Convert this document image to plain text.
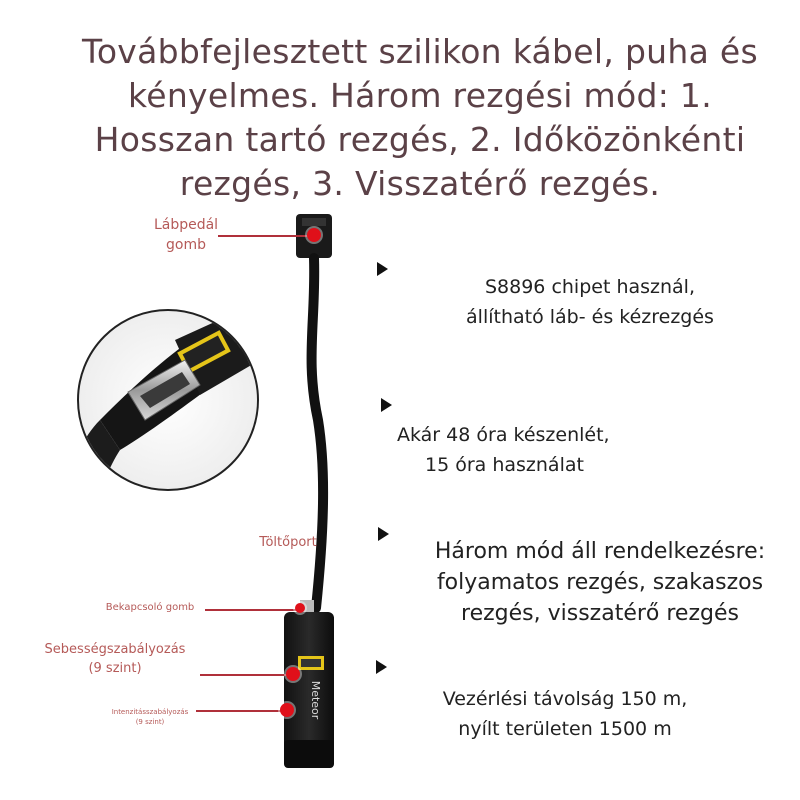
Továbbfejlesztett szilikon kábel, puha és kényelmes. Három rezgési mód: 1. Hosszan tartó rezgés, 2. Időközönkénti rezgés, 3. Visszatérő rezgés.
Meteor
Lábpedál
gomb
Töltőport
Bekapcsoló gomb
Sebességszabályozás
(9 szint)
Intenzitásszabályozás
(9 szint)
S8896 chipet használ,
állítható láb- és kézrezgés
Akár 48 óra készenlét,
15 óra használat
Három mód áll rendelkezésre:
folyamatos rezgés, szakaszos
rezgés, visszatérő rezgés
Vezérlési távolság 150 m,
nyílt területen 1500 m
